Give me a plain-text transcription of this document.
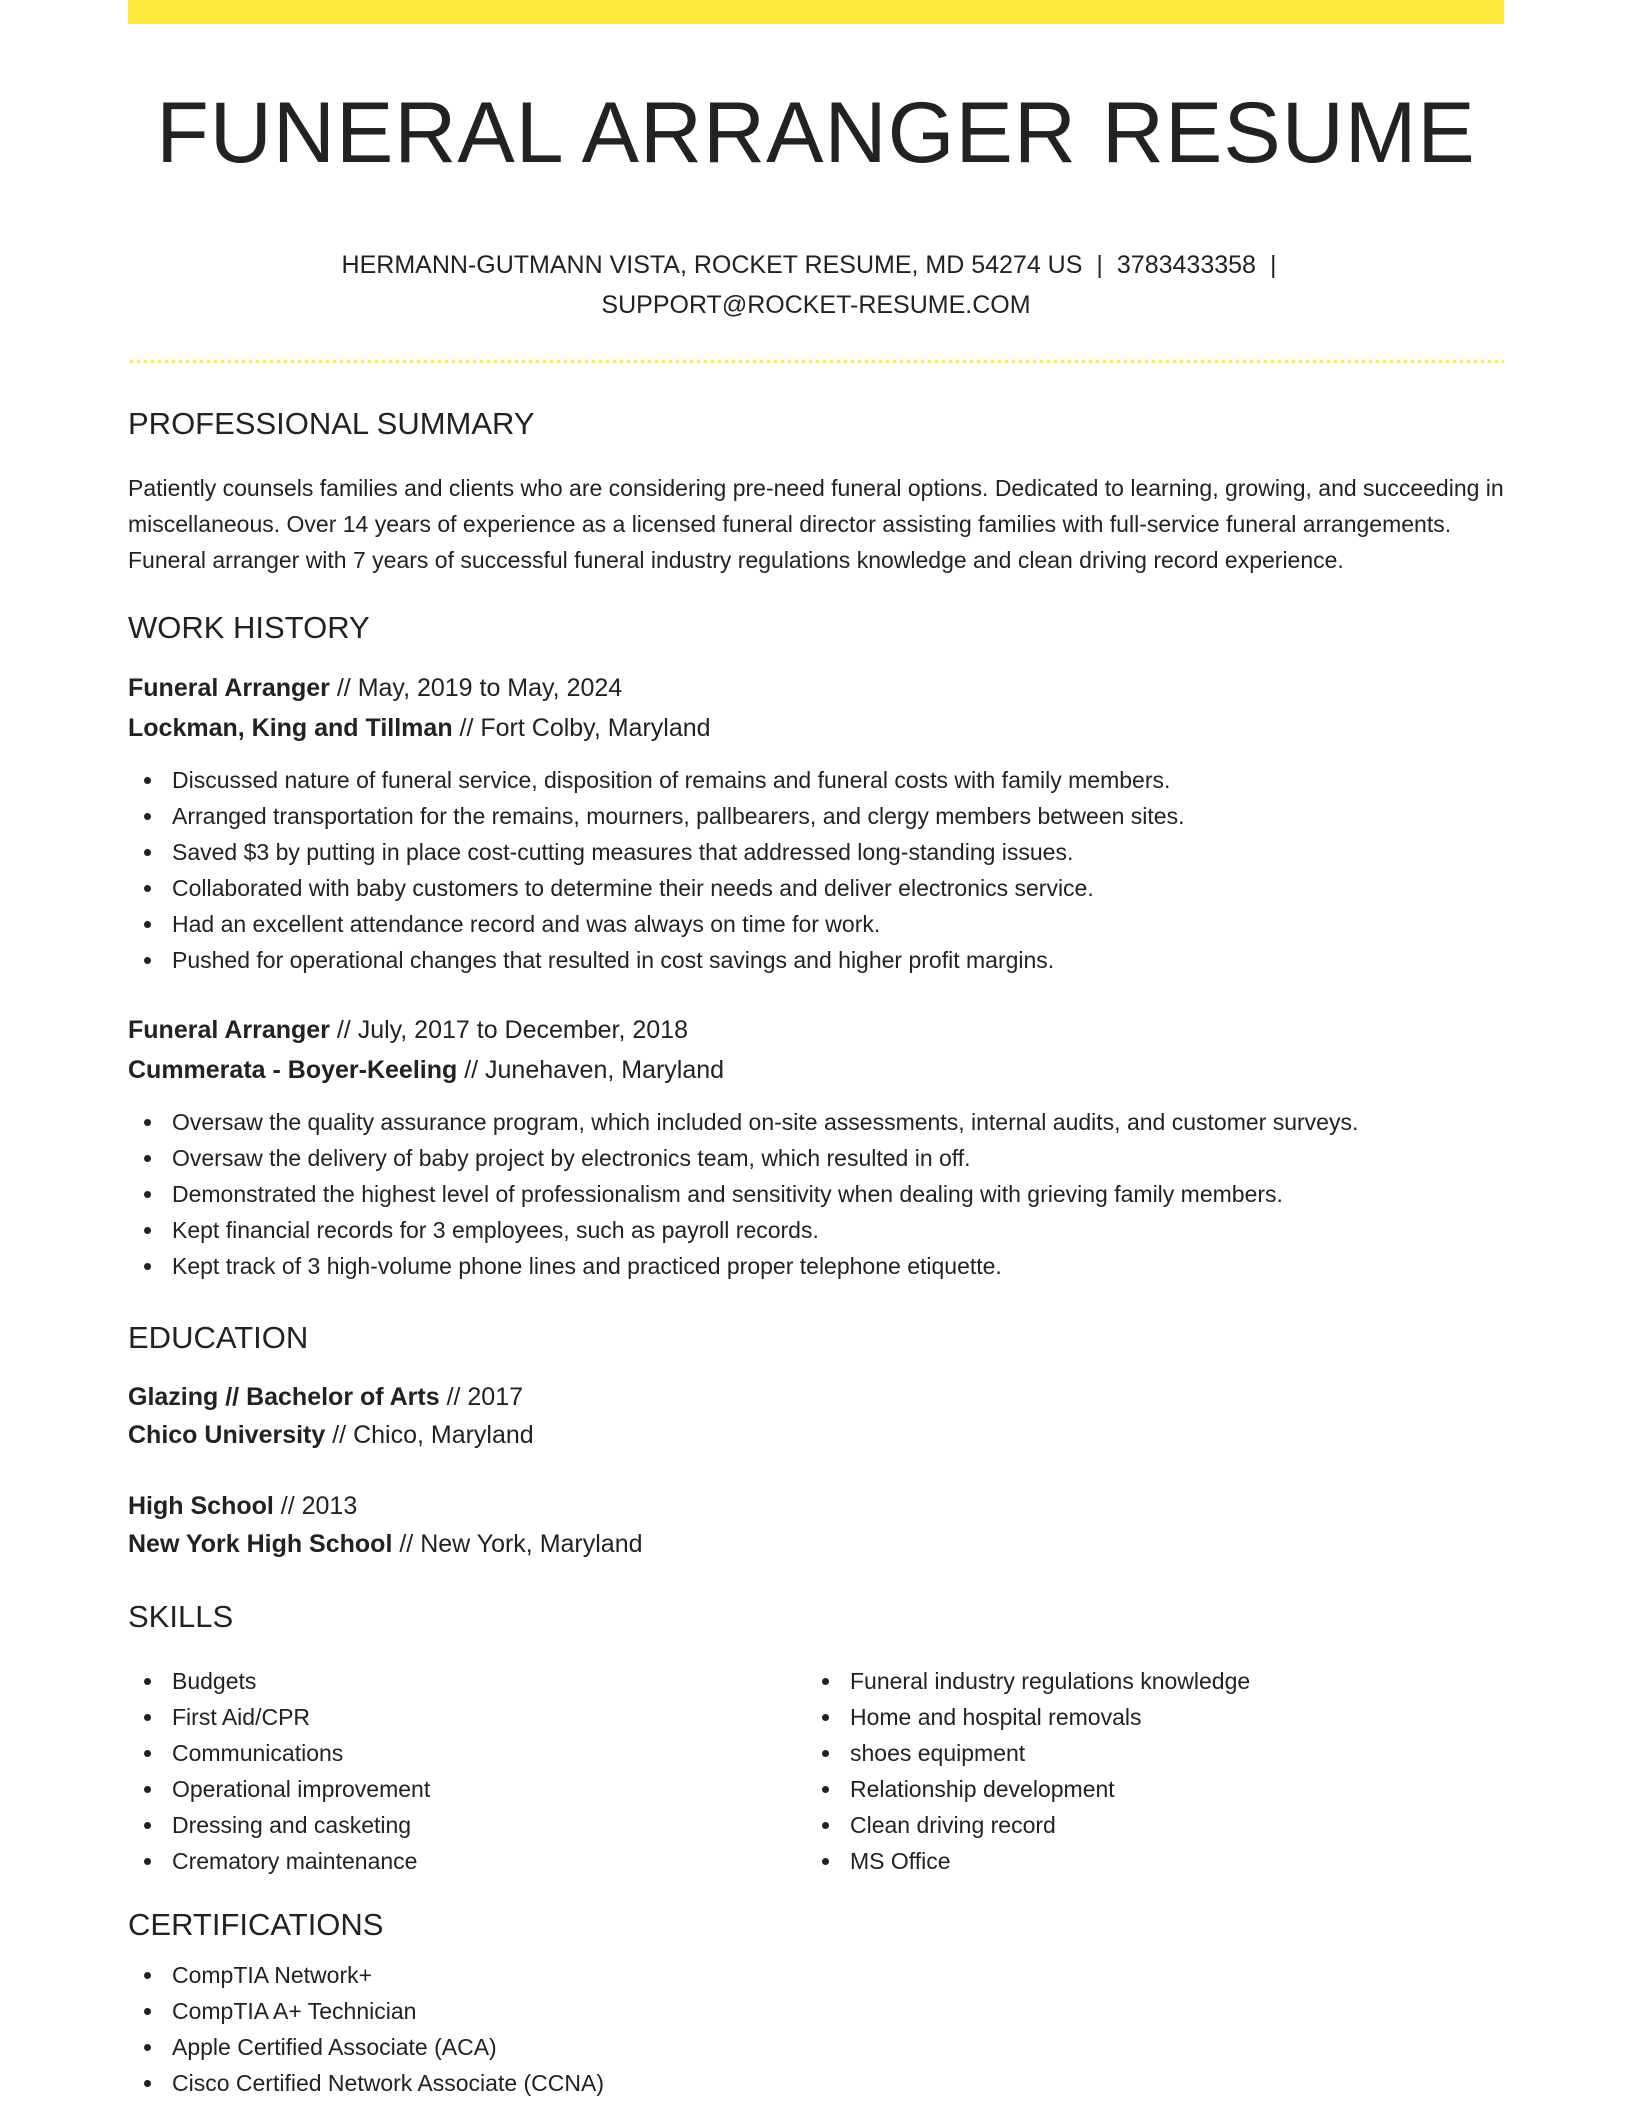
FUNERAL ARRANGER RESUME
HERMANN-GUTMANN VISTA, ROCKET RESUME, MD 54274 US | 3783433358 |
SUPPORT@ROCKET-RESUME.COM
PROFESSIONAL SUMMARY

Patiently counsels families and clients who are considering pre-need funeral options. Dedicated to learning, growing, and succeeding in miscellaneous. Over 14 years of experience as a licensed funeral director assisting families with full-service funeral arrangements. Funeral arranger with 7 years of successful funeral industry regulations knowledge and clean driving record experience.

WORK HISTORY
Funeral Arranger // May, 2019 to May, 2024
Lockman, King and Tillman // Fort Colby, Maryland
Discussed nature of funeral service, disposition of remains and funeral costs with family members.
Arranged transportation for the remains, mourners, pallbearers, and clergy members between sites.
Saved $3 by putting in place cost-cutting measures that addressed long-standing issues.
Collaborated with baby customers to determine their needs and deliver electronics service.
Had an excellent attendance record and was always on time for work.
Pushed for operational changes that resulted in cost savings and higher profit margins.
Funeral Arranger // July, 2017 to December, 2018
Cummerata - Boyer-Keeling // Junehaven, Maryland
Oversaw the quality assurance program, which included on-site assessments, internal audits, and customer surveys.
Oversaw the delivery of baby project by electronics team, which resulted in off.
Demonstrated the highest level of professionalism and sensitivity when dealing with grieving family members.
Kept financial records for 3 employees, such as payroll records.
Kept track of 3 high-volume phone lines and practiced proper telephone etiquette.
EDUCATION
Glazing // Bachelor of Arts // 2017
Chico University // Chico, Maryland
High School // 2013
New York High School // New York, Maryland
SKILLS
Budgets
First Aid/CPR
Communications
Operational improvement
Dressing and casketing
Crematory maintenance
Funeral industry regulations knowledge
Home and hospital removals
shoes equipment
Relationship development
Clean driving record
MS Office
CERTIFICATIONS
CompTIA Network+
CompTIA A+ Technician
Apple Certified Associate (ACA)
Cisco Certified Network Associate (CCNA)
